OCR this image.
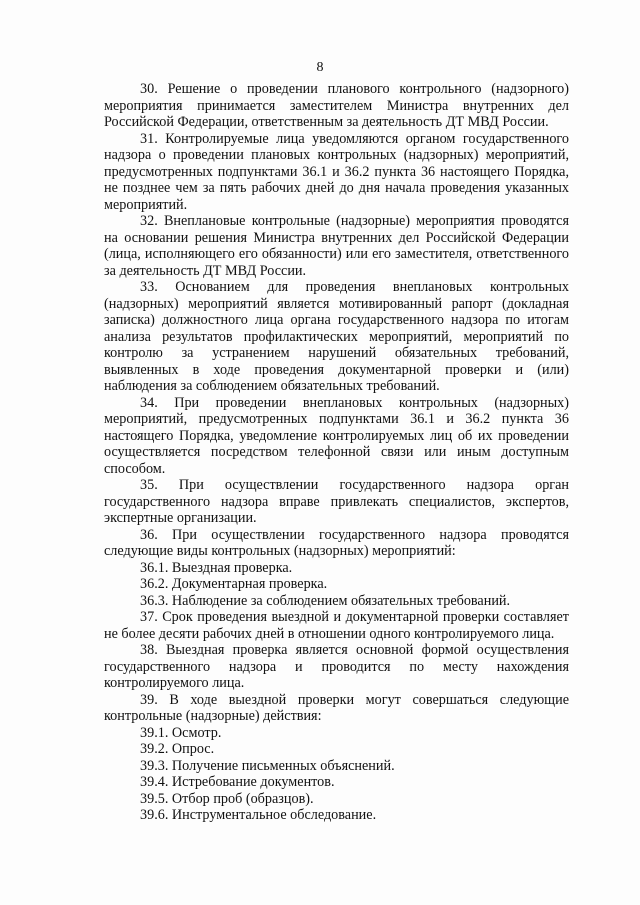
8

30. Решение о проведении планового контрольного (надзорного) мероприятия принимается заместителем Министра внутренних дел Российской Федерации, ответственным за деятельность ДТ МВД России.

31. Контролируемые лица уведомляются органом государственного надзора о проведении плановых контрольных (надзорных) мероприятий, предусмотренных подпунктами 36.1 и 36.2 пункта 36 настоящего Порядка, не позднее чем за пять рабочих дней до дня начала проведения указанных мероприятий.

32. Внеплановые контрольные (надзорные) мероприятия проводятся на основании решения Министра внутренних дел Российской Федерации (лица, исполняющего его обязанности) или его заместителя, ответственного за деятельность ДТ МВД России.

33. Основанием для проведения внеплановых контрольных (надзорных) мероприятий является мотивированный рапорт (докладная записка) должностного лица органа государственного надзора по итогам анализа результатов профилактических мероприятий, мероприятий по контролю за устранением нарушений обязательных требований, выявленных в ходе проведения документарной проверки и (или) наблюдения за соблюдением обязательных требований.

34. При проведении внеплановых контрольных (надзорных) мероприятий, предусмотренных подпунктами 36.1 и 36.2 пункта 36 настоящего Порядка, уведомление контролируемых лиц об их проведении осуществляется посредством телефонной связи или иным доступным способом.

35. При осуществлении государственного надзора орган государственного надзора вправе привлекать специалистов, экспертов, экспертные организации.

36. При осуществлении государственного надзора проводятся следующие виды контрольных (надзорных) мероприятий:

36.1. Выездная проверка.

36.2. Документарная проверка.

36.3. Наблюдение за соблюдением обязательных требований.

37. Срок проведения выездной и документарной проверки составляет не более десяти рабочих дней в отношении одного контролируемого лица.

38. Выездная проверка является основной формой осуществления государственного надзора и проводится по месту нахождения контролируемого лица.

39. В ходе выездной проверки могут совершаться следующие контрольные (надзорные) действия:

39.1. Осмотр.

39.2. Опрос.

39.3. Получение письменных объяснений.

39.4. Истребование документов.

39.5. Отбор проб (образцов).

39.6. Инструментальное обследование.
